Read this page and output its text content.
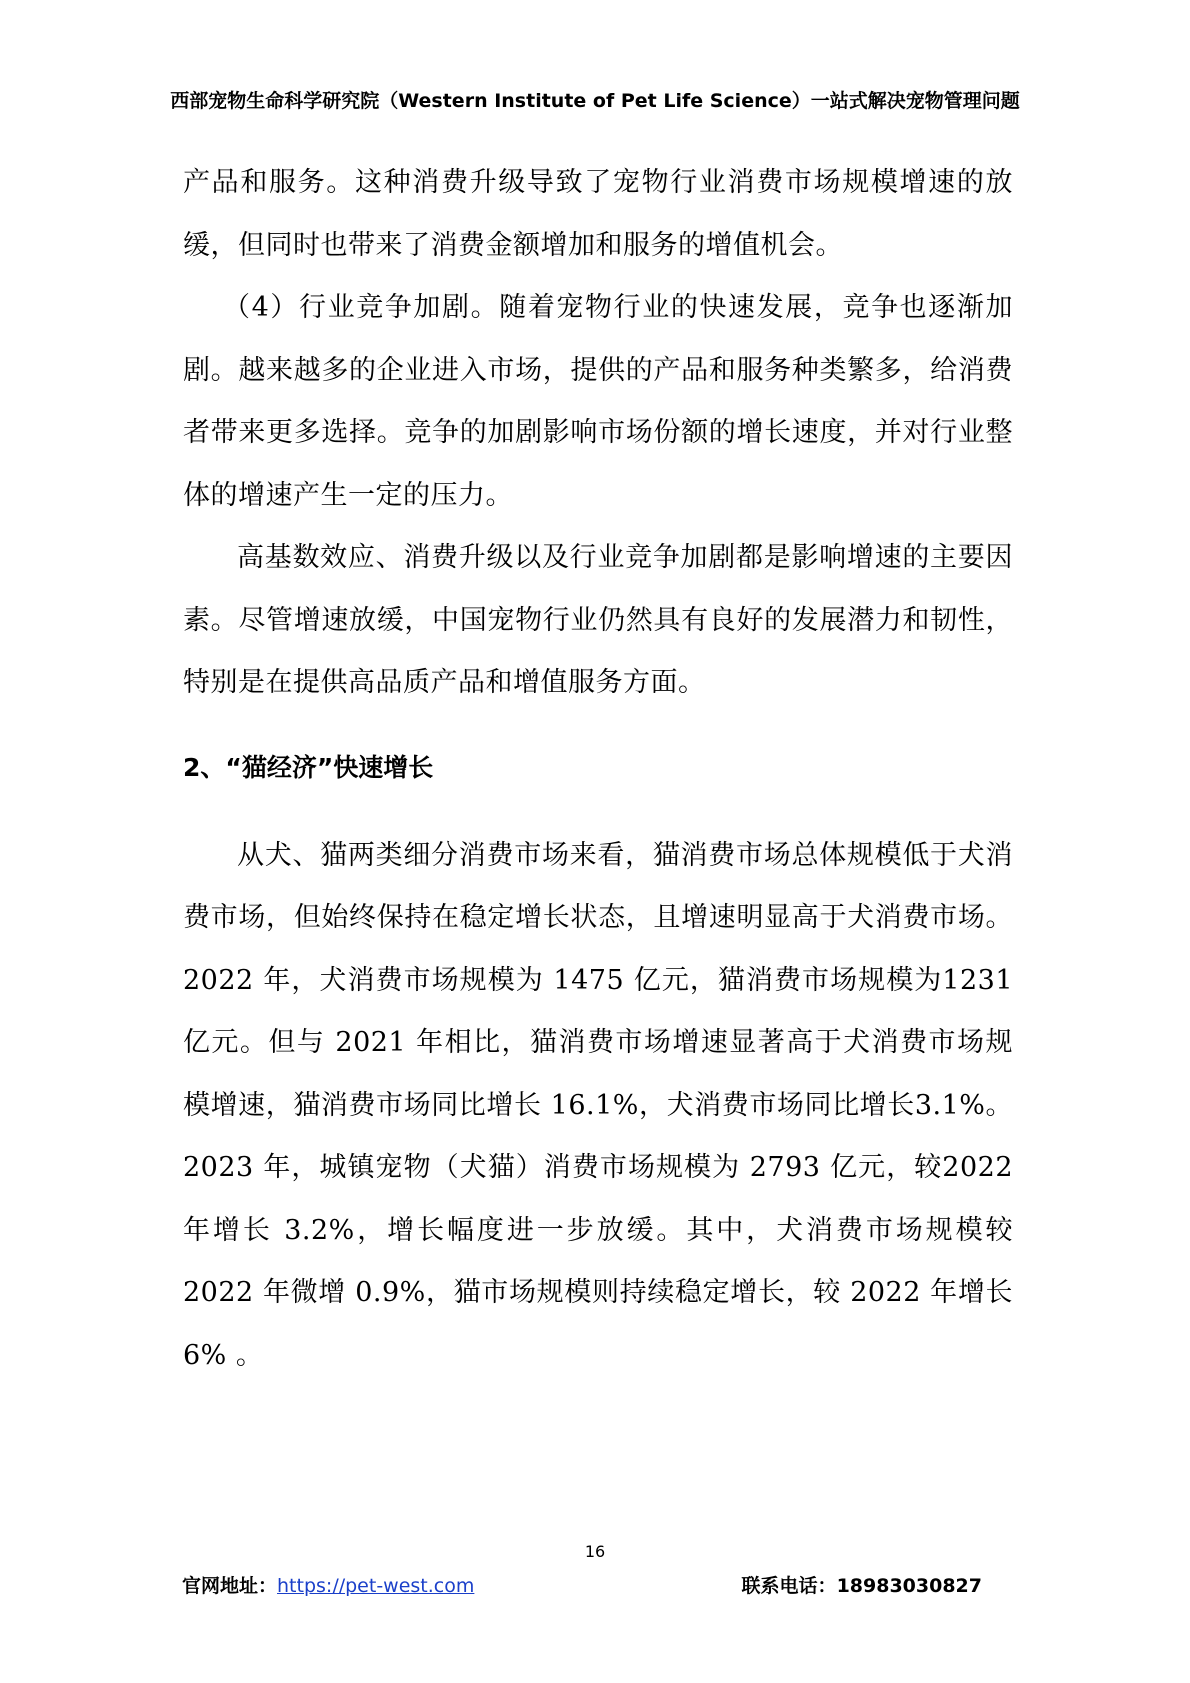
西部宠物生命科学研究院（Western Institute of Pet Life Science）一站式解决宠物管理问题

产品和服务。这种消费升级导致了宠物行业消费市场规模增速的放缓，但同时也带来了消费金额增加和服务的增值机会。

（4）行业竞争加剧。随着宠物行业的快速发展，竞争也逐渐加剧。越来越多的企业进入市场，提供的产品和服务种类繁多，给消费者带来更多选择。竞争的加剧影响市场份额的增长速度，并对行业整体的增速产生一定的压力。

高基数效应、消费升级以及行业竞争加剧都是影响增速的主要因素。尽管增速放缓，中国宠物行业仍然具有良好的发展潜力和韧性，特别是在提供高品质产品和增值服务方面。

2、“猫经济”快速增长

从犬、猫两类细分消费市场来看，猫消费市场总体规模低于犬消费市场，但始终保持在稳定增长状态，且增速明显高于犬消费市场。2022 年，犬消费市场规模为 1475 亿元，猫消费市场规模为1231 亿元。但与 2021 年相比，猫消费市场增速显著高于犬消费市场规模增速，猫消费市场同比增长 16.1%，犬消费市场同比增长3.1%。2023 年，城镇宠物（犬猫）消费市场规模为 2793 亿元，较2022 年增长 3.2%，增长幅度进一步放缓。其中，犬消费市场规模较 2022 年微增 0.9%，猫市场规模则持续稳定增长，较 2022 年增长 6% 。

16
官网地址：https://pet-west.com	联系电话：18983030827
